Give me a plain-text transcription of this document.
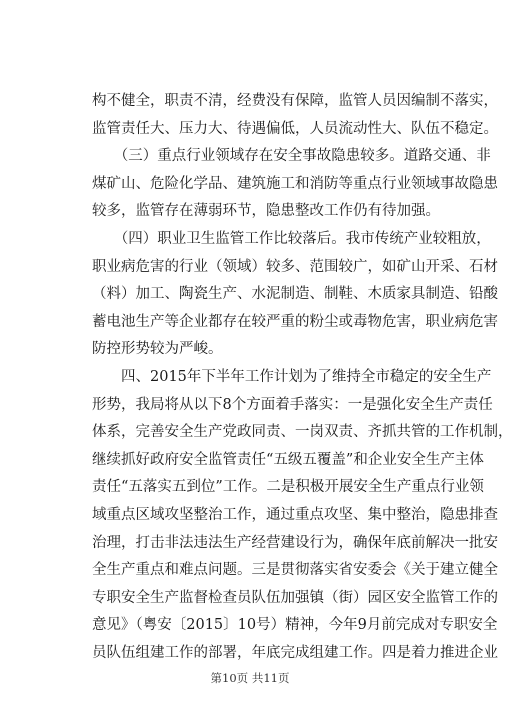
构不健全，职责不清，经费没有保障，监管人员因编制不落实，
监管责任大、压力大、待遇偏低，人员流动性大、队伍不稳定。
　　（三）重点行业领域存在安全事故隐患较多。道路交通、非
煤矿山、危险化学品、建筑施工和消防等重点行业领域事故隐患
较多，监管存在薄弱环节，隐患整改工作仍有待加强。
　　（四）职业卫生监管工作比较落后。我市传统产业较粗放，
职业病危害的行业（领域）较多、范围较广，如矿山开采、石材
（料）加工、陶瓷生产、水泥制造、制鞋、木质家具制造、铅酸
蓄电池生产等企业都存在较严重的粉尘或毒物危害，职业病危害
防控形势较为严峻。
　　四、2015年下半年工作计划为了维持全市稳定的安全生产
形势，我局将从以下8个方面着手落实：一是强化安全生产责任
体系，完善安全生产党政同责、一岗双责、齐抓共管的工作机制，
继续抓好政府安全监管责任“五级五覆盖”和企业安全生产主体
责任“五落实五到位”工作。二是积极开展安全生产重点行业领
域重点区域攻坚整治工作，通过重点攻坚、集中整治，隐患排查
治理，打击非法违法生产经营建设行为，确保年底前解决一批安
全生产重点和难点问题。三是贯彻落实省安委会《关于建立健全
专职安全生产监督检查员队伍加强镇（街）园区安全监管工作的
意见》（粤安〔2015〕10号）精神，今年9月前完成对专职安全
员队伍组建工作的部署，年底完成组建工作。四是着力推进企业
第10页 共11页
